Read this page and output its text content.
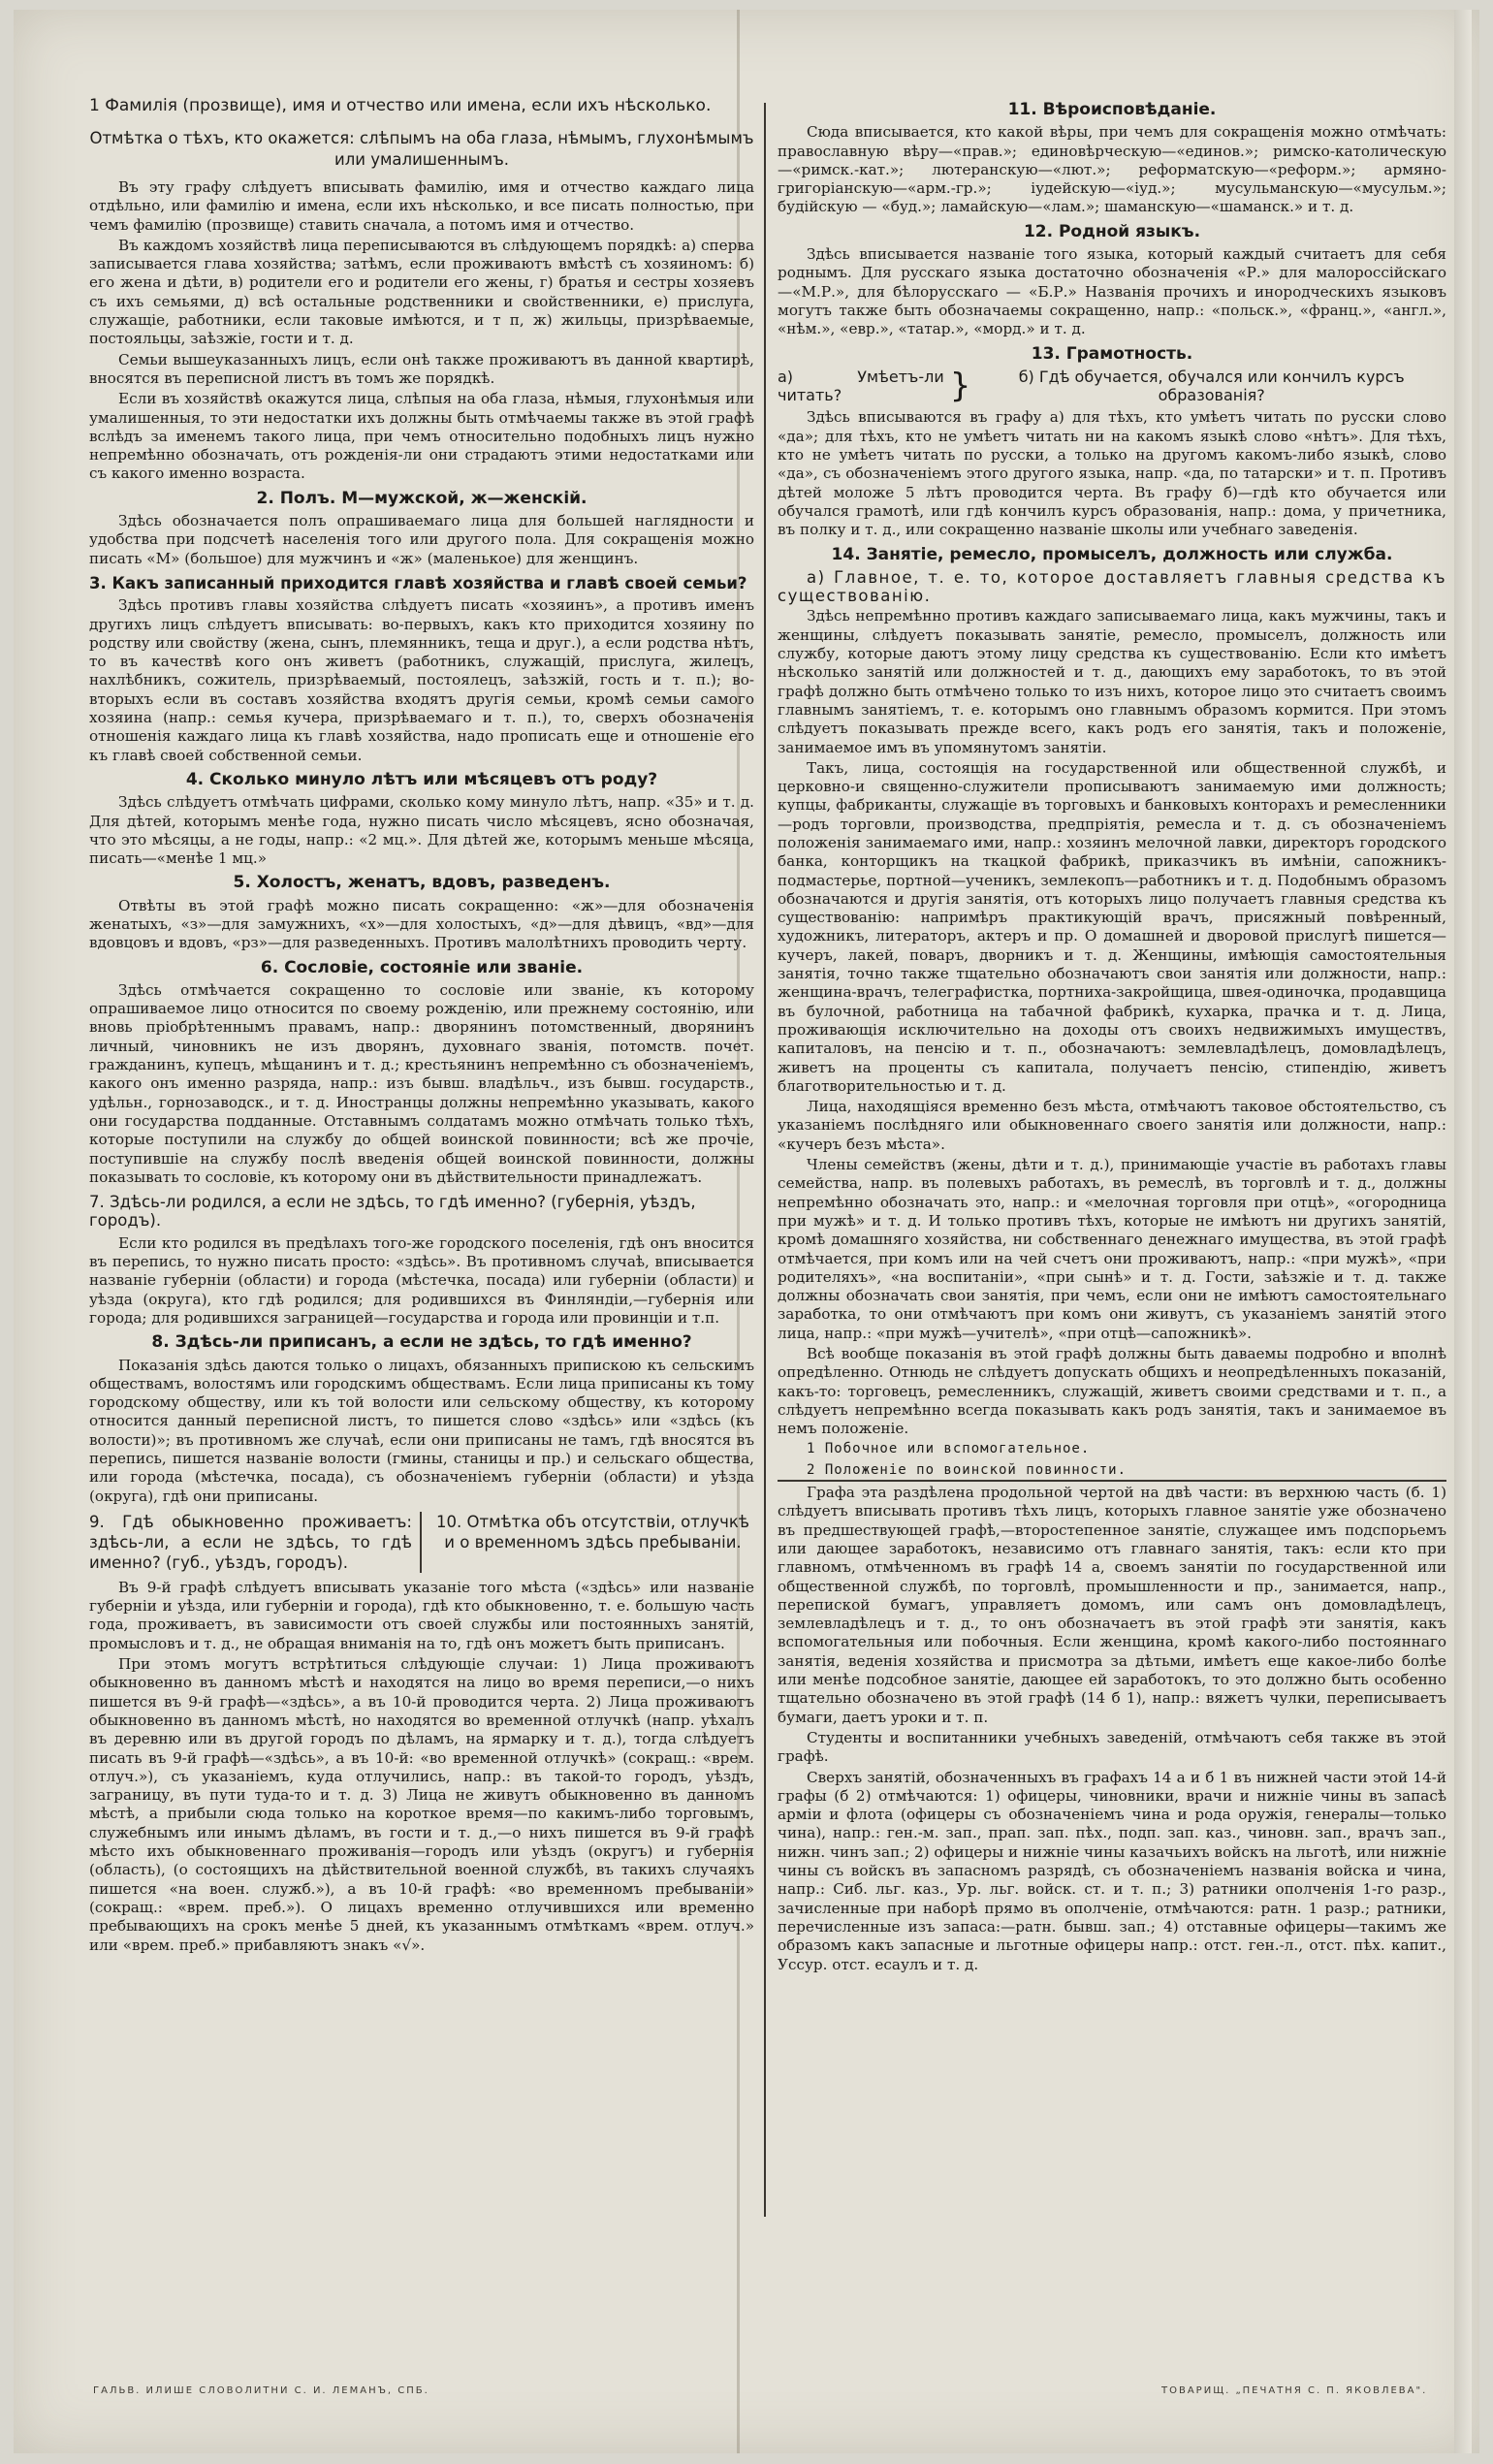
1 Фамилія (прозвище), имя и отчество или имена, если ихъ нѣсколько.

Отмѣтка о тѣхъ, кто окажется: слѣпымъ на оба глаза, нѣмымъ, глухонѣмымъ или умалишеннымъ.

Въ эту графу слѣдуетъ вписывать фамилію, имя и отчество каждаго лица отдѣльно, или фамилію и имена, если ихъ нѣсколько, и все писать полностью, при чемъ фамилію (прозвище) ставить сначала, а потомъ имя и отчество.

Въ каждомъ хозяйствѣ лица переписываются въ слѣдующемъ порядкѣ: а) сперва записывается глава хозяйства; затѣмъ, если проживаютъ вмѣстѣ съ хозяиномъ: б) его жена и дѣти, в) родители его и родители его жены, г) братья и сестры хозяевъ съ ихъ семьями, д) всѣ остальные родственники и свойственники, е) прислуга, служащіе, работники, если таковые имѣются, и т п, ж) жильцы, призрѣваемые, постояльцы, заѣзжіе, гости и т. д.

Семьи вышеуказанныхъ лицъ, если онѣ также проживаютъ въ данной квартирѣ, вносятся въ переписной листъ въ томъ же порядкѣ.

Если въ хозяйствѣ окажутся лица, слѣпыя на оба глаза, нѣмыя, глухонѣмыя или умалишенныя, то эти недостатки ихъ должны быть отмѣчаемы также въ этой графѣ вслѣдъ за именемъ такого лица, при чемъ относительно подобныхъ лицъ нужно непремѣнно обозначать, отъ рожденія-ли они страдаютъ этими недостатками или съ какого именно возраста.

2. Полъ. М—мужской, ж—женскій.

Здѣсь обозначается полъ опрашиваемаго лица для большей наглядности и удобства при подсчетѣ населенія того или другого пола. Для сокращенія можно писать «М» (большое) для мужчинъ и «ж» (маленькое) для женщинъ.

3. Какъ записанный приходится главѣ хозяйства и главѣ своей семьи?

Здѣсь противъ главы хозяйства слѣдуетъ писать «хозяинъ», а противъ именъ другихъ лицъ слѣдуетъ вписывать: во-первыхъ, какъ кто приходится хозяину по родству или свойству (жена, сынъ, племянникъ, теща и друг.), а если родства нѣтъ, то въ качествѣ кого онъ живетъ (работникъ, служащій, прислуга, жилецъ, нахлѣбникъ, сожитель, призрѣваемый, постоялецъ, заѣзжій, гость и т. п.); во-вторыхъ если въ составъ хозяйства входятъ другія семьи, кромѣ семьи самого хозяина (напр.: семья кучера, призрѣваемаго и т. п.), то, сверхъ обозначенія отношенія каждаго лица къ главѣ хозяйства, надо прописать еще и отношеніе его къ главѣ своей собственной семьи.

4. Сколько минуло лѣтъ или мѣсяцевъ отъ роду?

Здѣсь слѣдуетъ отмѣчать цифрами, сколько кому минуло лѣтъ, напр. «35» и т. д. Для дѣтей, которымъ менѣе года, нужно писать число мѣсяцевъ, ясно обозначая, что это мѣсяцы, а не годы, напр.: «2 мц.». Для дѣтей же, которымъ меньше мѣсяца, писать—«менѣе 1 мц.»

5. Холостъ, женатъ, вдовъ, разведенъ.

Отвѣты въ этой графѣ можно писать сокращенно: «ж»—для обозначенія женатыхъ, «з»—для замужнихъ, «х»—для холостыхъ, «д»—для дѣвицъ, «вд»—для вдовцовъ и вдовъ, «рз»—для разведенныхъ. Противъ малолѣтнихъ проводить черту.

6. Сословіе, состояніе или званіе.

Здѣсь отмѣчается сокращенно то сословіе или званіе, къ которому опрашиваемое лицо относится по своему рожденію, или прежнему состоянію, или вновь пріобрѣтеннымъ правамъ, напр.: дворянинъ потомственный, дворянинъ личный, чиновникъ не изъ дворянъ, духовнаго званія, потомств. почет. гражданинъ, купецъ, мѣщанинъ и т. д.; крестьянинъ непремѣнно съ обозначеніемъ, какого онъ именно разряда, напр.: изъ бывш. владѣльч., изъ бывш. государств., удѣльн., горнозаводск., и т. д. Иностранцы должны непремѣнно указывать, какого они государства подданные. Отставнымъ солдатамъ можно отмѣчать только тѣхъ, которые поступили на службу до общей воинской повинности; всѣ же прочіе, поступившіе на службу послѣ введенія общей воинской повинности, должны показывать то сословіе, къ которому они въ дѣйствительности принадлежатъ.

7. Здѣсь-ли родился, а если не здѣсь, то гдѣ именно? (губернія, уѣздъ, городъ).

Если кто родился въ предѣлахъ того-же городского поселенія, гдѣ онъ вносится въ перепись, то нужно писать просто: «здѣсь». Въ противномъ случаѣ, вписывается названіе губерніи (области) и города (мѣстечка, посада) или губерніи (области) и уѣзда (округа), кто гдѣ родился; для родившихся въ Финляндіи,—губернія или города; для родившихся заграницей—государства и города или провинціи и т.п.

8. Здѣсь-ли приписанъ, а если не здѣсь, то гдѣ именно?

Показанія здѣсь даются только о лицахъ, обязанныхъ припискою къ сельскимъ обществамъ, волостямъ или городскимъ обществамъ. Если лица приписаны къ тому городскому обществу, или къ той волости или сельскому обществу, къ которому относится данный переписной листъ, то пишется слово «здѣсь» или «здѣсь (къ волости)»; въ противномъ же случаѣ, если они приписаны не тамъ, гдѣ вносятся въ перепись, пишется названіе волости (гмины, станицы и пр.) и сельскаго общества, или города (мѣстечка, посада), съ обозначеніемъ губерніи (области) и уѣзда (округа), гдѣ они приписаны.

9. Гдѣ обыкновенно проживаетъ: здѣсь-ли, а если не здѣсь, то гдѣ именно? (губ., уѣздъ, городъ).
10. Отмѣтка объ отсутствіи, отлучкѣ и о временномъ здѣсь пребываніи.

Въ 9-й графѣ слѣдуетъ вписывать указаніе того мѣста («здѣсь» или названіе губерніи и уѣзда, или губерніи и города), гдѣ кто обыкновенно, т. е. большую часть года, проживаетъ, въ зависимости отъ своей службы или постоянныхъ занятій, промысловъ и т. д., не обращая вниманія на то, гдѣ онъ можетъ быть приписанъ.

При этомъ могутъ встрѣтиться слѣдующіе случаи: 1) Лица проживаютъ обыкновенно въ данномъ мѣстѣ и находятся на лицо во время переписи,—о нихъ пишется въ 9-й графѣ—«здѣсь», а въ 10-й проводится черта. 2) Лица проживаютъ обыкновенно въ данномъ мѣстѣ, но находятся во временной отлучкѣ (напр. уѣхалъ въ деревню или въ другой городъ по дѣламъ, на ярмарку и т. д.), тогда слѣдуетъ писать въ 9-й графѣ—«здѣсь», а въ 10-й: «во временной отлучкѣ» (сокращ.: «врем. отлуч.»), съ указаніемъ, куда отлучились, напр.: въ такой-то городъ, уѣздъ, заграницу, въ пути туда-то и т. д. 3) Лица не живутъ обыкновенно въ данномъ мѣстѣ, а прибыли сюда только на короткое время—по какимъ-либо торговымъ, служебнымъ или инымъ дѣламъ, въ гости и т. д.,—о нихъ пишется въ 9-й графѣ мѣсто ихъ обыкновеннаго проживанія—городъ или уѣздъ (округъ) и губернія (область), (о состоящихъ на дѣйствительной военной службѣ, въ такихъ случаяхъ пишется «на воен. служб.»), а въ 10-й графѣ: «во временномъ пребываніи» (сокращ.: «врем. преб.»). О лицахъ временно отлучившихся или временно пребывающихъ на срокъ менѣе 5 дней, къ указаннымъ отмѣткамъ «врем. отлуч.» или «врем. преб.» прибавляютъ знакъ «√».

11. Вѣроисповѣданіе.

Сюда вписывается, кто какой вѣры, при чемъ для сокращенія можно отмѣчать: православную вѣру—«прав.»; единовѣрческую—«единов.»; римско-католическую—«римск.-кат.»; лютеранскую—«лют.»; реформатскую—«реформ.»; армяно-григоріанскую—«арм.-гр.»; іудейскую—«іуд.»; мусульманскую—«мусульм.»; будійскую — «буд.»; ламайскую—«лам.»; шаманскую—«шаманск.» и т. д.

12. Родной языкъ.

Здѣсь вписывается названіе того языка, который каждый считаетъ для себя роднымъ. Для русскаго языка достаточно обозначенія «Р.» для малороссійскаго—«М.Р.», для бѣлорусскаго — «Б.Р.» Названія прочихъ и инородческихъ языковъ могутъ также быть обозначаемы сокращенно, напр.: «польск.», «франц.», «англ.», «нѣм.», «евр.», «татар.», «морд.» и т. д.

13. Грамотность.

а) Умѣетъ-ли читать?	}	б) Гдѣ обучается, обучался или кончилъ курсъ образованія?

Здѣсь вписываются въ графу а) для тѣхъ, кто умѣетъ читать по русски слово «да»; для тѣхъ, кто не умѣетъ читать ни на какомъ языкѣ слово «нѣтъ». Для тѣхъ, кто не умѣетъ читать по русски, а только на другомъ какомъ-либо языкѣ, слово «да», съ обозначеніемъ этого другого языка, напр. «да, по татарски» и т. п. Противъ дѣтей моложе 5 лѣтъ проводится черта. Въ графу б)—гдѣ кто обучается или обучался грамотѣ, или гдѣ кончилъ курсъ образованія, напр.: дома, у причетника, въ полку и т. д., или сокращенно названіе школы или учебнаго заведенія.

14. Занятіе, ремесло, промыселъ, должность или служба.

а) Главное, т. е. то, которое доставляетъ главныя средства къ существованію.

Здѣсь непремѣнно противъ каждаго записываемаго лица, какъ мужчины, такъ и женщины, слѣдуетъ показывать занятіе, ремесло, промыселъ, должность или службу, которые даютъ этому лицу средства къ существованію. Если кто имѣетъ нѣсколько занятій или должностей и т. д., дающихъ ему заработокъ, то въ этой графѣ должно быть отмѣчено только то изъ нихъ, которое лицо это считаетъ своимъ главнымъ занятіемъ, т. е. которымъ оно главнымъ образомъ кормится. При этомъ слѣдуетъ показывать прежде всего, какъ родъ его занятія, такъ и положеніе, занимаемое имъ въ упомянутомъ занятіи.

Такъ, лица, состоящія на государственной или общественной службѣ, и церковно-и священно-служители прописываютъ занимаемую ими должность; купцы, фабриканты, служащіе въ торговыхъ и банковыхъ конторахъ и ремесленники—родъ торговли, производства, предпріятія, ремесла и т. д. съ обозначеніемъ положенія занимаемаго ими, напр.: хозяинъ мелочной лавки, директоръ городского банка, конторщикъ на ткацкой фабрикѣ, приказчикъ въ имѣніи, сапожникъ-подмастерье, портной—ученикъ, землекопъ—работникъ и т. д. Подобнымъ образомъ обозначаются и другія занятія, отъ которыхъ лицо получаетъ главныя средства къ существованію: напримѣръ практикующій врачъ, присяжный повѣренный, художникъ, литераторъ, актеръ и пр. О домашней и дворовой прислугѣ пишется—кучеръ, лакей, поваръ, дворникъ и т. д. Женщины, имѣющія самостоятельныя занятія, точно также тщательно обозначаютъ свои занятія или должности, напр.: женщина-врачъ, телеграфистка, портниха-закройщица, швея-одиночка, продавщица въ булочной, работница на табачной фабрикѣ, кухарка, прачка и т. д. Лица, проживающія исключительно на доходы отъ своихъ недвижимыхъ имуществъ, капиталовъ, на пенсію и т. п., обозначаютъ: землевладѣлецъ, домовладѣлецъ, живетъ на проценты съ капитала, получаетъ пенсію, стипендію, живетъ благотворительностью и т. д.

Лица, находящіяся временно безъ мѣста, отмѣчаютъ таковое обстоятельство, съ указаніемъ послѣдняго или обыкновеннаго своего занятія или должности, напр.: «кучеръ безъ мѣста».

Члены семействъ (жены, дѣти и т. д.), принимающіе участіе въ работахъ главы семейства, напр. въ полевыхъ работахъ, въ ремеслѣ, въ торговлѣ и т. д., должны непремѣнно обозначать это, напр.: и «мелочная торговля при отцѣ», «огородница при мужѣ» и т. д. И только противъ тѣхъ, которые не имѣютъ ни другихъ занятій, кромѣ домашняго хозяйства, ни собственнаго денежнаго имущества, въ этой графѣ отмѣчается, при комъ или на чей счетъ они проживаютъ, напр.: «при мужѣ», «при родителяхъ», «на воспитаніи», «при сынѣ» и т. д. Гости, заѣзжіе и т. д. также должны обозначать свои занятія, при чемъ, если они не имѣютъ самостоятельнаго заработка, то они отмѣчаютъ при комъ они живутъ, съ указаніемъ занятій этого лица, напр.: «при мужѣ—учителѣ», «при отцѣ—сапожникѣ».

Всѣ вообще показанія въ этой графѣ должны быть даваемы подробно и вполнѣ опредѣленно. Отнюдь не слѣдуетъ допускать общихъ и неопредѣленныхъ показаній, какъ-то: торговецъ, ремесленникъ, служащій, живетъ своими средствами и т. п., а слѣдуетъ непремѣнно всегда показывать какъ родъ занятія, такъ и занимаемое въ немъ положеніе.

1 Побочное или вспомогательное.

2 Положеніе по воинской повинности.

Графа эта раздѣлена продольной чертой на двѣ части: въ верхнюю часть (б. 1) слѣдуетъ вписывать противъ тѣхъ лицъ, которыхъ главное занятіе уже обозначено въ предшествующей графѣ,—второстепенное занятіе, служащее имъ подспорьемъ или дающее заработокъ, независимо отъ главнаго занятія, такъ: если кто при главномъ, отмѣченномъ въ графѣ 14 а, своемъ занятіи по государственной или общественной службѣ, по торговлѣ, промышленности и пр., занимается, напр., перепиской бумагъ, управляетъ домомъ, или самъ онъ домовладѣлецъ, землевладѣлецъ и т. д., то онъ обозначаетъ въ этой графѣ эти занятія, какъ вспомогательныя или побочныя. Если женщина, кромѣ какого-либо постояннаго занятія, веденія хозяйства и присмотра за дѣтьми, имѣетъ еще какое-либо болѣе или менѣе подсобное занятіе, дающее ей заработокъ, то это должно быть особенно тщательно обозначено въ этой графѣ (14 б 1), напр.: вяжетъ чулки, переписываетъ бумаги, даетъ уроки и т. п.

Студенты и воспитанники учебныхъ заведеній, отмѣчаютъ себя также въ этой графѣ.

Сверхъ занятій, обозначенныхъ въ графахъ 14 а и б 1 въ нижней части этой 14-й графы (б 2) отмѣчаются: 1) офицеры, чиновники, врачи и нижніе чины въ запасѣ арміи и флота (офицеры съ обозначеніемъ чина и рода оружія, генералы—только чина), напр.: ген.-м. зап., прап. зап. пѣх., подп. зап. каз., чиновн. зап., врачъ зап., нижн. чинъ зап.; 2) офицеры и нижніе чины казачьихъ войскъ на льготѣ, или нижніе чины съ войскъ въ запасномъ разрядѣ, съ обозначеніемъ названія войска и чина, напр.: Сиб. льг. каз., Ур. льг. войск. ст. и т. п.; 3) ратники ополченія 1-го разр., зачисленные при наборѣ прямо въ ополченіе, отмѣчаются: ратн. 1 разр.; ратники, перечисленные изъ запаса:—ратн. бывш. зап.; 4) отставные офицеры—такимъ же образомъ какъ запасные и льготные офицеры напр.: отст. ген.-л., отст. пѣх. капит., Уссур. отст. есаулъ и т. д.

ГАЛЬВ. ИЛИШЕ СЛОВОЛИТНИ С. И. ЛЕМАНЪ, СПБ.	ТОВАРИЩ. „ПЕЧАТНЯ С. П. ЯКОВЛЕВА".
